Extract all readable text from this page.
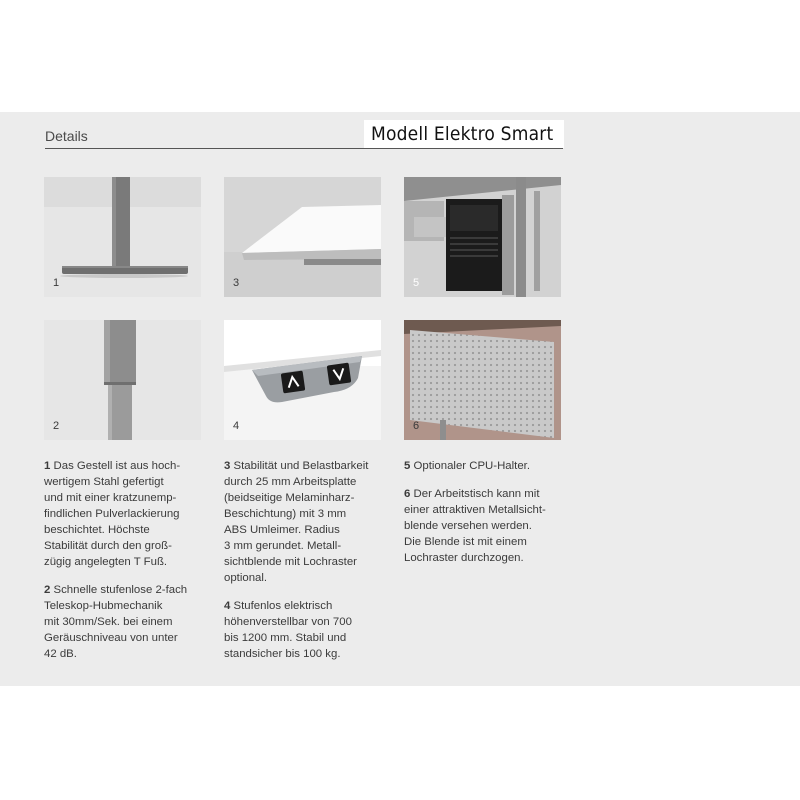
Details	Modell Elektro Smart
1	3	5
2	4	6

1 Das Gestell ist aus hoch-
wertigem Stahl gefertigt
und mit einer kratzunemp-
findlichen Pulverlackierung
beschichtet. Höchste
Stabilität durch den groß-
zügig angelegten T Fuß.

2 Schnelle stufenlose 2-fach
Teleskop-Hubmechanik
mit 30mm/Sek. bei einem
Geräuschniveau von unter
42 dB.

3 Stabilität und Belastbarkeit
durch 25 mm Arbeitsplatte
(beidseitige Melaminharz-
Beschichtung) mit 3 mm
ABS Umleimer. Radius
3 mm gerundet. Metall-
sichtblende mit Lochraster
optional.

4 Stufenlos elektrisch
höhenverstellbar von 700
bis 1200 mm. Stabil und
standsicher bis 100 kg.

5 Optionaler CPU-Halter.

6 Der Arbeitstisch kann mit
einer attraktiven Metallsicht-
blende versehen werden.
Die Blende ist mit einem
Lochraster durchzogen.
